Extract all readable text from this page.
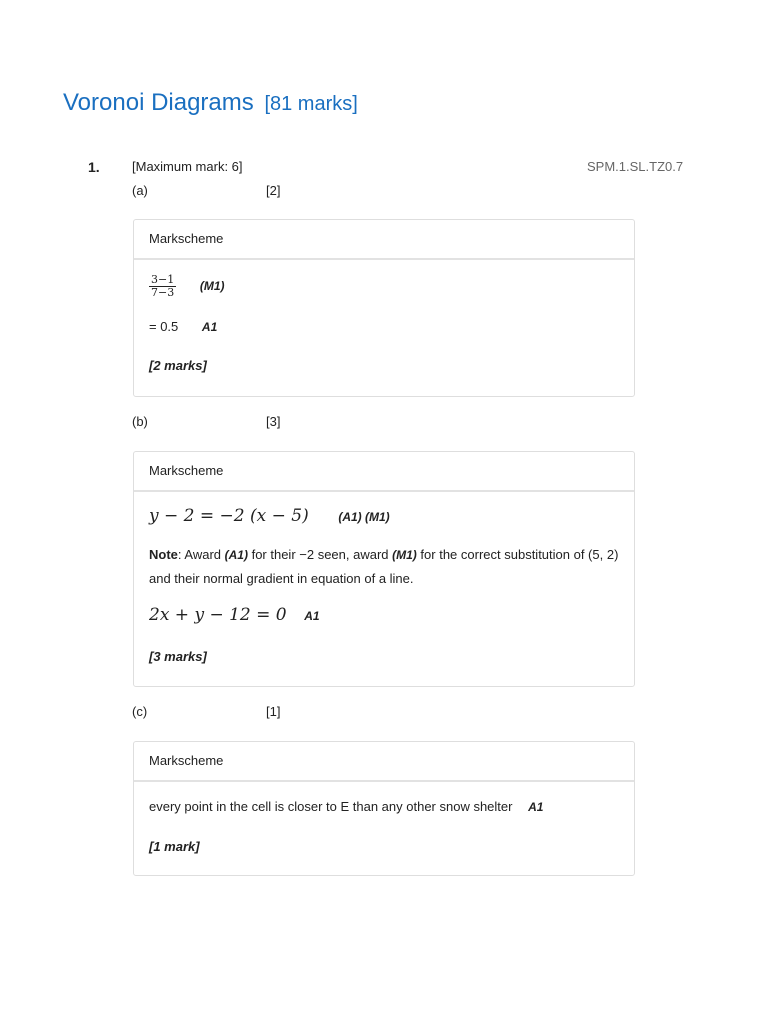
Voronoi Diagrams [81 marks]
1. [Maximum mark: 6]	SPM.1.SL.TZ0.7
(a)	[2]
Markscheme
$\frac{3-1}{7-3} (M1)$
= 0.5 A1
[2 marks]
(b)	[3]
Markscheme
y − 2 = −2 (x − 5) (A1) (M1)
Note: Award (A1) for their −2 seen, award (M1) for the correct substitution of (5, 2) and their normal gradient in equation of a line.
2x + y − 12 = 0 A1
[3 marks]
(c)	[1]
Markscheme
every point in the cell is closer to E than any other snow shelter A1
[1 mark]
